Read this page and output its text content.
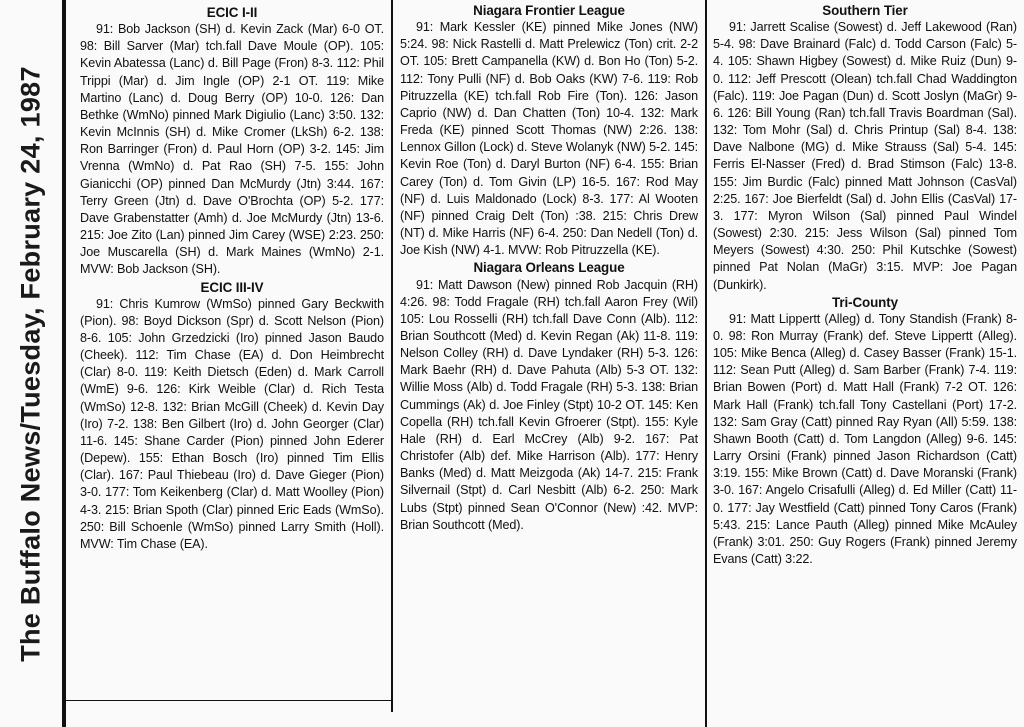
The Buffalo News/Tuesday, February 24, 1987
ECIC I-II

91: Bob Jackson (SH) d. Kevin Zack (Mar) 6-0 OT. 98: Bill Sarver (Mar) tch.fall Dave Moule (OP). 105: Kevin Abatessa (Lanc) d. Bill Page (Fron) 8-3. 112: Phil Trippi (Mar) d. Jim Ingle (OP) 2-1 OT. 119: Mike Martino (Lanc) d. Doug Berry (OP) 10-0. 126: Dan Bethke (WmNo) pinned Mark Digiulio (Lanc) 3:50. 132: Kevin McInnis (SH) d. Mike Cromer (LkSh) 6-2. 138: Ron Barringer (Fron) d. Paul Horn (OP) 3-2. 145: Jim Vrenna (WmNo) d. Pat Rao (SH) 7-5. 155: John Gianicchi (OP) pinned Dan McMurdy (Jtn) 3:44. 167: Terry Green (Jtn) d. Dave O'Brochta (OP) 5-2. 177: Dave Grabenstatter (Amh) d. Joe McMurdy (Jtn) 13-6. 215: Joe Zito (Lan) pinned Jim Carey (WSE) 2:23. 250: Joe Muscarella (SH) d. Mark Maines (WmNo) 2-1. MVW: Bob Jackson (SH).

ECIC III-IV

91: Chris Kumrow (WmSo) pinned Gary Beckwith (Pion). 98: Boyd Dickson (Spr) d. Scott Nelson (Pion) 8-6. 105: John Grzedzicki (Iro) pinned Jason Baudo (Cheek). 112: Tim Chase (EA) d. Don Heimbrecht (Clar) 8-0. 119: Keith Dietsch (Eden) d. Mark Carroll (WmE) 9-6. 126: Kirk Weible (Clar) d. Rich Testa (WmSo) 12-8. 132: Brian McGill (Cheek) d. Kevin Day (Iro) 7-2. 138: Ben Gilbert (Iro) d. John Georger (Clar) 11-6. 145: Shane Carder (Pion) pinned John Ederer (Depew). 155: Ethan Bosch (Iro) pinned Tim Ellis (Clar). 167: Paul Thiebeau (Iro) d. Dave Gieger (Pion) 3-0. 177: Tom Keikenberg (Clar) d. Matt Woolley (Pion) 4-3. 215: Brian Spoth (Clar) pinned Eric Eads (WmSo). 250: Bill Schoenle (WmSo) pinned Larry Smith (Holl). MVW: Tim Chase (EA).

Niagara Frontier League

91: Mark Kessler (KE) pinned Mike Jones (NW) 5:24. 98: Nick Rastelli d. Matt Prelewicz (Ton) crit. 2-2 OT. 105: Brett Campanella (KW) d. Bon Ho (Ton) 5-2. 112: Tony Pulli (NF) d. Bob Oaks (KW) 7-6. 119: Rob Pitruzzella (KE) tch.fall Rob Fire (Ton). 126: Jason Caprio (NW) d. Dan Chatten (Ton) 10-4. 132: Mark Freda (KE) pinned Scott Thomas (NW) 2:26. 138: Lennox Gillon (Lock) d. Steve Wolanyk (NW) 5-2. 145: Kevin Roe (Ton) d. Daryl Burton (NF) 6-4. 155: Brian Carey (Ton) d. Tom Givin (LP) 16-5. 167: Rod May (NF) d. Luis Maldonado (Lock) 8-3. 177: Al Wooten (NF) pinned Craig Delt (Ton) :38. 215: Chris Drew (NT) d. Mike Harris (NF) 6-4. 250: Dan Nedell (Ton) d. Joe Kish (NW) 4-1. MVW: Rob Pitruzzella (KE).

Niagara Orleans League

91: Matt Dawson (New) pinned Rob Jacquin (RH) 4:26. 98: Todd Fragale (RH) tch.fall Aaron Frey (Wil) 105: Lou Rosselli (RH) tch.fall Dave Conn (Alb). 112: Brian Southcott (Med) d. Kevin Regan (Ak) 11-8. 119: Nelson Colley (RH) d. Dave Lyndaker (RH) 5-3. 126: Mark Baehr (RH) d. Dave Pahuta (Alb) 5-3 OT. 132: Willie Moss (Alb) d. Todd Fragale (RH) 5-3. 138: Brian Cummings (Ak) d. Joe Finley (Stpt) 10-2 OT. 145: Ken Copella (RH) tch.fall Kevin Gfroerer (Stpt). 155: Kyle Hale (RH) d. Earl McCrey (Alb) 9-2. 167: Pat Christofer (Alb) def. Mike Harrison (Alb). 177: Henry Banks (Med) d. Matt Meizgoda (Ak) 14-7. 215: Frank Silvernail (Stpt) d. Carl Nesbitt (Alb) 6-2. 250: Mark Lubs (Stpt) pinned Sean O'Connor (New) :42. MVP: Brian Southcott (Med).

Southern Tier

91: Jarrett Scalise (Sowest) d. Jeff Lakewood (Ran) 5-4. 98: Dave Brainard (Falc) d. Todd Carson (Falc) 5-4. 105: Shawn Higbey (Sowest) d. Mike Ruiz (Dun) 9-0. 112: Jeff Prescott (Olean) tch.fall Chad Waddington (Falc). 119: Joe Pagan (Dun) d. Scott Joslyn (MaGr) 9-6. 126: Bill Young (Ran) tch.fall Travis Boardman (Sal). 132: Tom Mohr (Sal) d. Chris Printup (Sal) 8-4. 138: Dave Nalbone (MG) d. Mike Strauss (Sal) 5-4. 145: Ferris El-Nasser (Fred) d. Brad Stimson (Falc) 13-8. 155: Jim Burdic (Falc) pinned Matt Johnson (CasVal) 2:25. 167: Joe Bierfeldt (Sal) d. John Ellis (CasVal) 17-3. 177: Myron Wilson (Sal) pinned Paul Windel (Sowest) 2:30. 215: Jess Wilson (Sal) pinned Tom Meyers (Sowest) 4:30. 250: Phil Kutschke (Sowest) pinned Pat Nolan (MaGr) 3:15. MVP: Joe Pagan (Dunkirk).

Tri-County

91: Matt Lippertt (Alleg) d. Tony Standish (Frank) 8-0. 98: Ron Murray (Frank) def. Steve Lippertt (Alleg). 105: Mike Benca (Alleg) d. Casey Basser (Frank) 15-1. 112: Sean Putt (Alleg) d. Sam Barber (Frank) 7-4. 119: Brian Bowen (Port) d. Matt Hall (Frank) 7-2 OT. 126: Mark Hall (Frank) tch.fall Tony Castellani (Port) 17-2. 132: Sam Gray (Catt) pinned Ray Ryan (All) 5:59. 138: Shawn Booth (Catt) d. Tom Langdon (Alleg) 9-6. 145: Larry Orsini (Frank) pinned Jason Richardson (Catt) 3:19. 155: Mike Brown (Catt) d. Dave Moranski (Frank) 3-0. 167: Angelo Crisafulli (Alleg) d. Ed Miller (Catt) 11-0. 177: Jay Westfield (Catt) pinned Tony Caros (Frank) 5:43. 215: Lance Pauth (Alleg) pinned Mike McAuley (Frank) 3:01. 250: Guy Rogers (Frank) pinned Jeremy Evans (Catt) 3:22.
